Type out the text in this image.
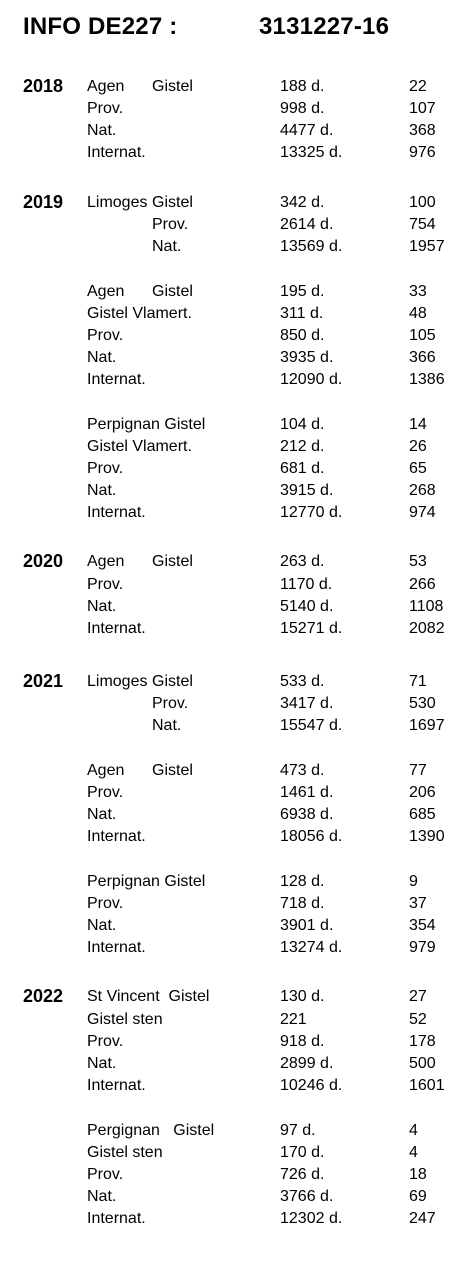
INFO DE227 :	3131227-16
2018 Agen Gistel	188 d.	22
Prov.	998 d.	107
Nat.	4477 d.	368
Internat.	13325 d.	976
2019 Limoges Gistel	342 d.	100
Prov.	2614 d.	754
Nat.	13569 d.	1957
Agen Gistel	195 d.	33
Gistel Vlamert.	311 d.	48
Prov.	850 d.	105
Nat.	3935 d.	366
Internat.	12090 d.	1386
Perpignan Gistel	104 d.	14
Gistel Vlamert.	212 d.	26
Prov.	681 d.	65
Nat.	3915 d.	268
Internat.	12770 d.	974
2020 Agen Gistel	263 d.	53
Prov.	1170 d.	266
Nat.	5140 d.	1108
Internat.	15271 d.	2082
2021 Limoges Gistel	533 d.	71
Prov.	3417 d.	530
Nat.	15547 d.	1697
Agen Gistel	473 d.	77
Prov.	1461 d.	206
Nat.	6938 d.	685
Internat.	18056 d.	1390
Perpignan Gistel	128 d.	9
Prov.	718 d.	37
Nat.	3901 d.	354
Internat.	13274 d.	979
2022 St Vincent  Gistel	130 d.	27
Gistel sten	221	52
Prov.	918 d.	178
Nat.	2899 d.	500
Internat.	10246 d.	1601
Pergignan   Gistel	97 d.	4
Gistel sten	170 d.	4
Prov.	726 d.	18
Nat.	3766 d.	69
Internat.	12302 d.	247
